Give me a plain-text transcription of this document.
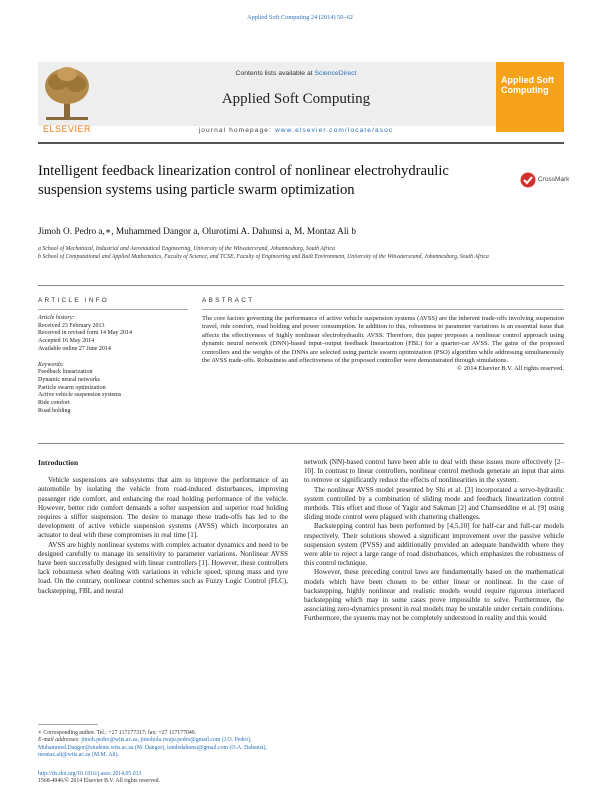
Applied Soft Computing 24 (2014) 50–62
ELSEVIER
Contents lists available at ScienceDirect
Applied Soft Computing
journal homepage: www.elsevier.com/locate/asoc
Applied Soft Computing
Intelligent feedback linearization control of nonlinear electrohydraulic suspension systems using particle swarm optimization
CrossMark
Jimoh O. Pedro a,∗, Muhammed Dangor a, Olurotimi A. Dahunsi a, M. Montaz Ali b
a School of Mechanical, Industrial and Aeronautical Engineering, University of the Witwatersrand, Johannesburg, South Africa
b School of Computational and Applied Mathematics, Faculty of Science, and TCSE, Faculty of Engineering and Built Environment, University of the Witwatersrand, Johannesburg, South Africa
ARTICLE INFO	ABSTRACT
Article history:
Received 23 February 2013
Received in revised form 14 May 2014
Accepted 16 May 2014
Available online 27 June 2014
Keywords:
Feedback linearization
Dynamic neural networks
Particle swarm optimization
Active vehicle suspension systems
Ride comfort
Road holding
The core factors governing the performance of active vehicle suspension systems (AVSS) are the inherent trade-offs involving suspension travel, ride comfort, road holding and power consumption. In addition to this, robustness to parameter variations is an essential issue that affects the effectiveness of highly nonlinear electrohydraulic AVSS. Therefore, this paper proposes a nonlinear control approach using dynamic neural network (DNN)-based input–output feedback linearization (FBL) for a quarter-car AVSS. The gains of the proposed controllers and the weights of the DNNs are selected using particle swarm optimization (PSO) algorithm while addressing simultaneously the AVSS trade-offs. Robustness and effectiveness of the proposed controller were demonstrated through simulations.
© 2014 Elsevier B.V. All rights reserved.

Introduction

Vehicle suspensions are subsystems that aim to improve the performance of an automobile by isolating the vehicle from road-induced disturbances, improving passenger ride comfort, and enhancing the road holding performance of the vehicle. However, better ride comfort demands a softer suspension and superior road holding requires a stiffer suspension. The desire to manage these trade-offs has led to the development of active vehicle suspension systems (AVSS) which incorporates an actuator to deal with these compromises in real time [1].

AVSS are highly nonlinear systems with complex actuator dynamics and need to be designed carefully to manage its sensitivity to parameter variations. Nonlinear AVSS have been successfully designed with linear controllers [1]. However, these controllers lack robustness when dealing with variations in vehicle speed, sprung mass and tyre load. On the contrary, nonlinear control schemes such as Fuzzy Logic Control (FLC), backstepping, FBL and neural

∗ Corresponding author. Tel.: +27 117177317; fax: +27 117177049.
E-mail addresses: jimoh.pedro@wits.ac.za, jimohola.rwaju.pedro@gmail.com (J.O. Pedro), Muhammed.Dangor@students.wits.ac.za (M. Dangor), tundedahunsi@gmail.com (O.A. Dahunsi), montaz.ali@wits.ac.za (M.M. Ali).
http://dx.doi.org/10.1016/j.asoc.2014.05.013
1568-4946/© 2014 Elsevier B.V. All rights reserved.

network (NN)-based control have been able to deal with these issues more effectively [2–10]. In contrast to linear controllers, nonlinear control methods generate an input that aims to remove or significantly reduce the effects of nonlinearities in the system.

The nonlinear AVSS model presented by Shi et al. [3] incorporated a servo-hydraulic system controlled by a combination of sliding mode and feedback linearization control methods. This effort and those of Yagiz and Sakman [2] and Chamseddine et al. [9] using sliding mode control were plagued with chattering challenges.

Backstepping control has been performed by [4,5,10] for half-car and full-car models respectively. Their solutions showed a significant improvement over the passive vehicle suspension system (PVSS) and additionally provided an adequate bandwidth where they were able to reject a large range of road disturbances, which emphasizes the robustness of this control technique.

However, these preceding control laws are fundamentally based on the mathematical models which have been chosen to be either linear or nonlinear. In the case of backstepping, highly nonlinear and realistic models would require rigorous interlaced backstepping which may in some cases prove impossible to solve. Furthermore, the associating zero-dynamics present in real models may be unstable under certain conditions. Furthermore, the systems may not be completely understood in reality and this would
